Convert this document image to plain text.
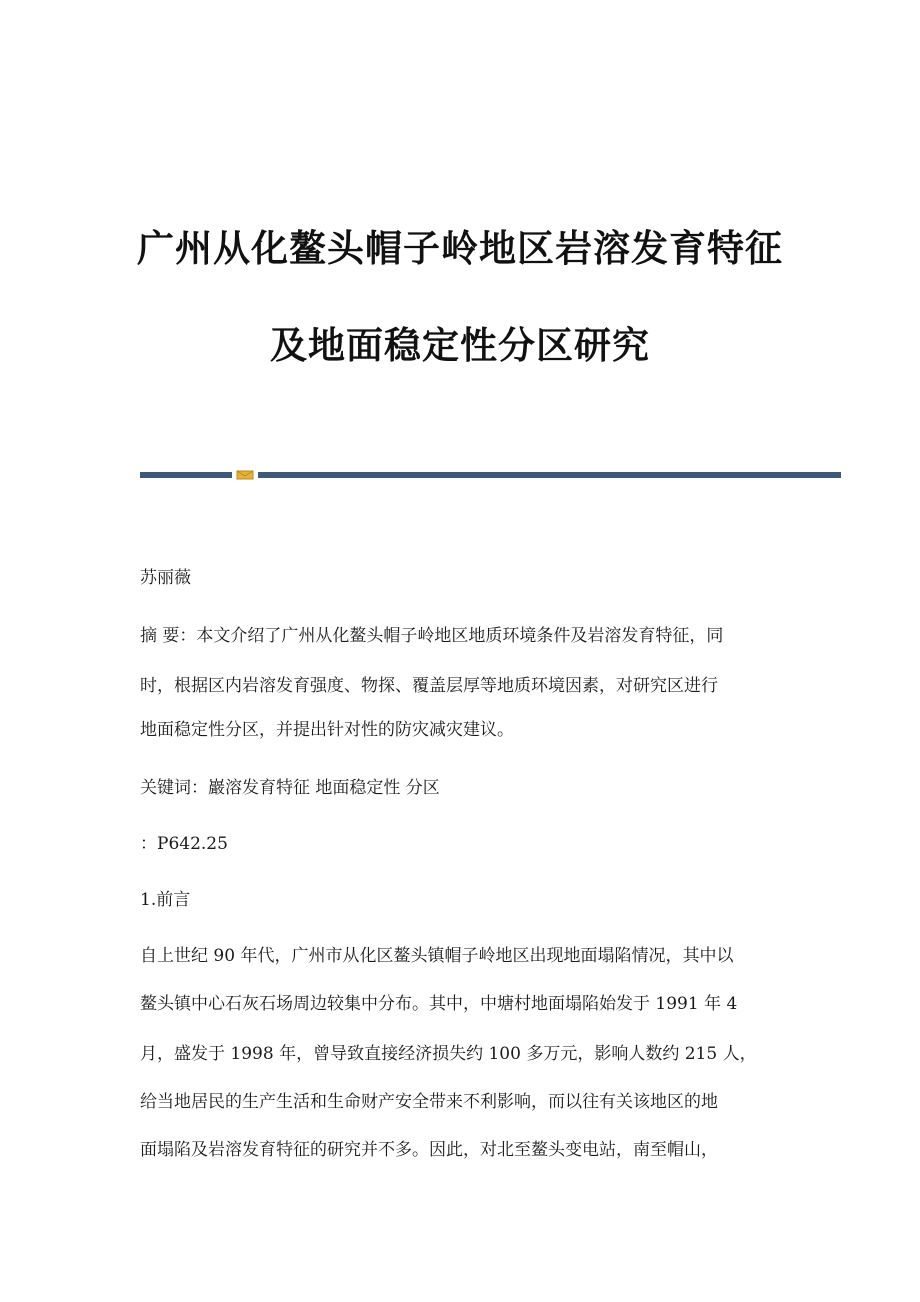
广州从化鳌头帽子岭地区岩溶发育特征
及地面稳定性分区研究
苏丽薇
摘 要：本文介绍了广州从化鳌头帽子岭地区地质环境条件及岩溶发育特征，同
时，根据区内岩溶发育强度、物探、覆盖层厚等地质环境因素，对研究区进行
地面稳定性分区，并提出针对性的防灾减灾建议。
关键词：巖溶发育特征 地面稳定性 分区
：P642.25
1.前言
自上世纪 90 年代，广州市从化区鳌头镇帽子岭地区出现地面塌陷情况，其中以
鳌头镇中心石灰石场周边较集中分布。其中，中塘村地面塌陷始发于 1991 年 4
月，盛发于 1998 年，曾导致直接经济损失约 100 多万元，影响人数约 215 人，
给当地居民的生产生活和生命财产安全带来不利影响，而以往有关该地区的地
面塌陷及岩溶发育特征的研究并不多。因此，对北至鳌头变电站，南至帽山，
